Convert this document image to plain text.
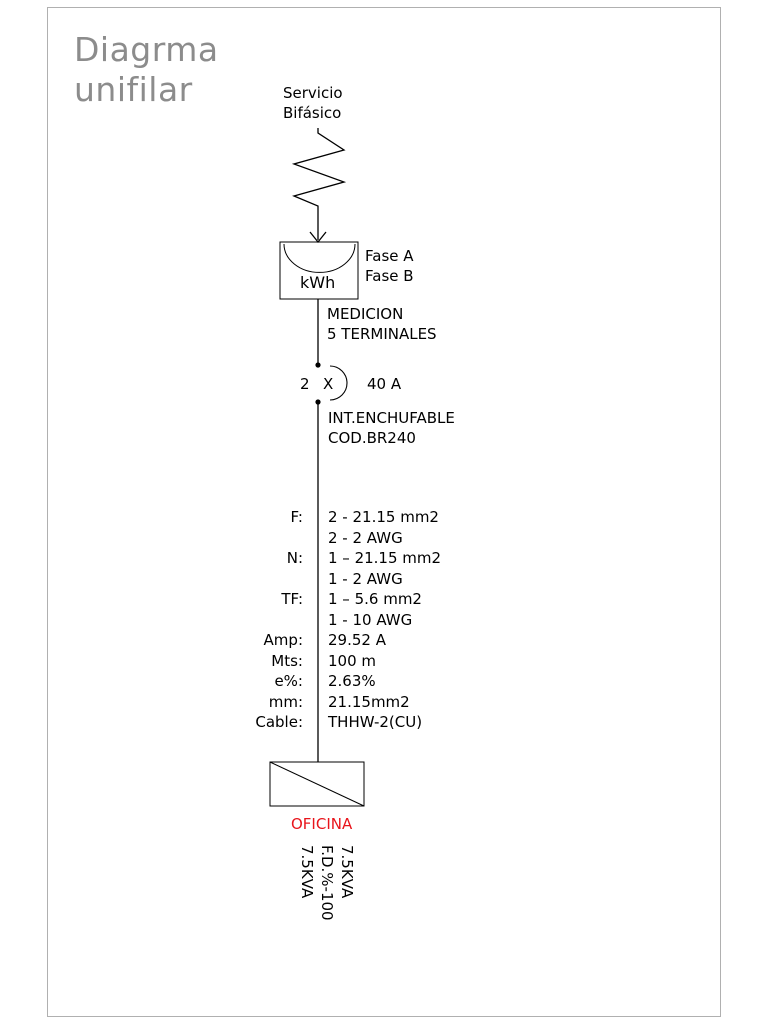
Diagrma
unifilar	Servicio
Bifásico
kWh
Fase A
Fase B
MEDICION
5 TERMINALES
2 X 40 A
INT.ENCHUFABLE
COD.BR240
F: 2 - 21.15 mm2
2 - 2 AWG
N: 1 – 21.15 mm2
1 - 2 AWG
TF: 1 – 5.6 mm2
1 - 10 AWG
Amp: 29.52 A
Mts: 100 m
e%: 2.63%
mm: 21.15mm2
Cable: THHW-2(CU)
OFICINA
7.5KVA
F.D.%-100
7.5KVA
